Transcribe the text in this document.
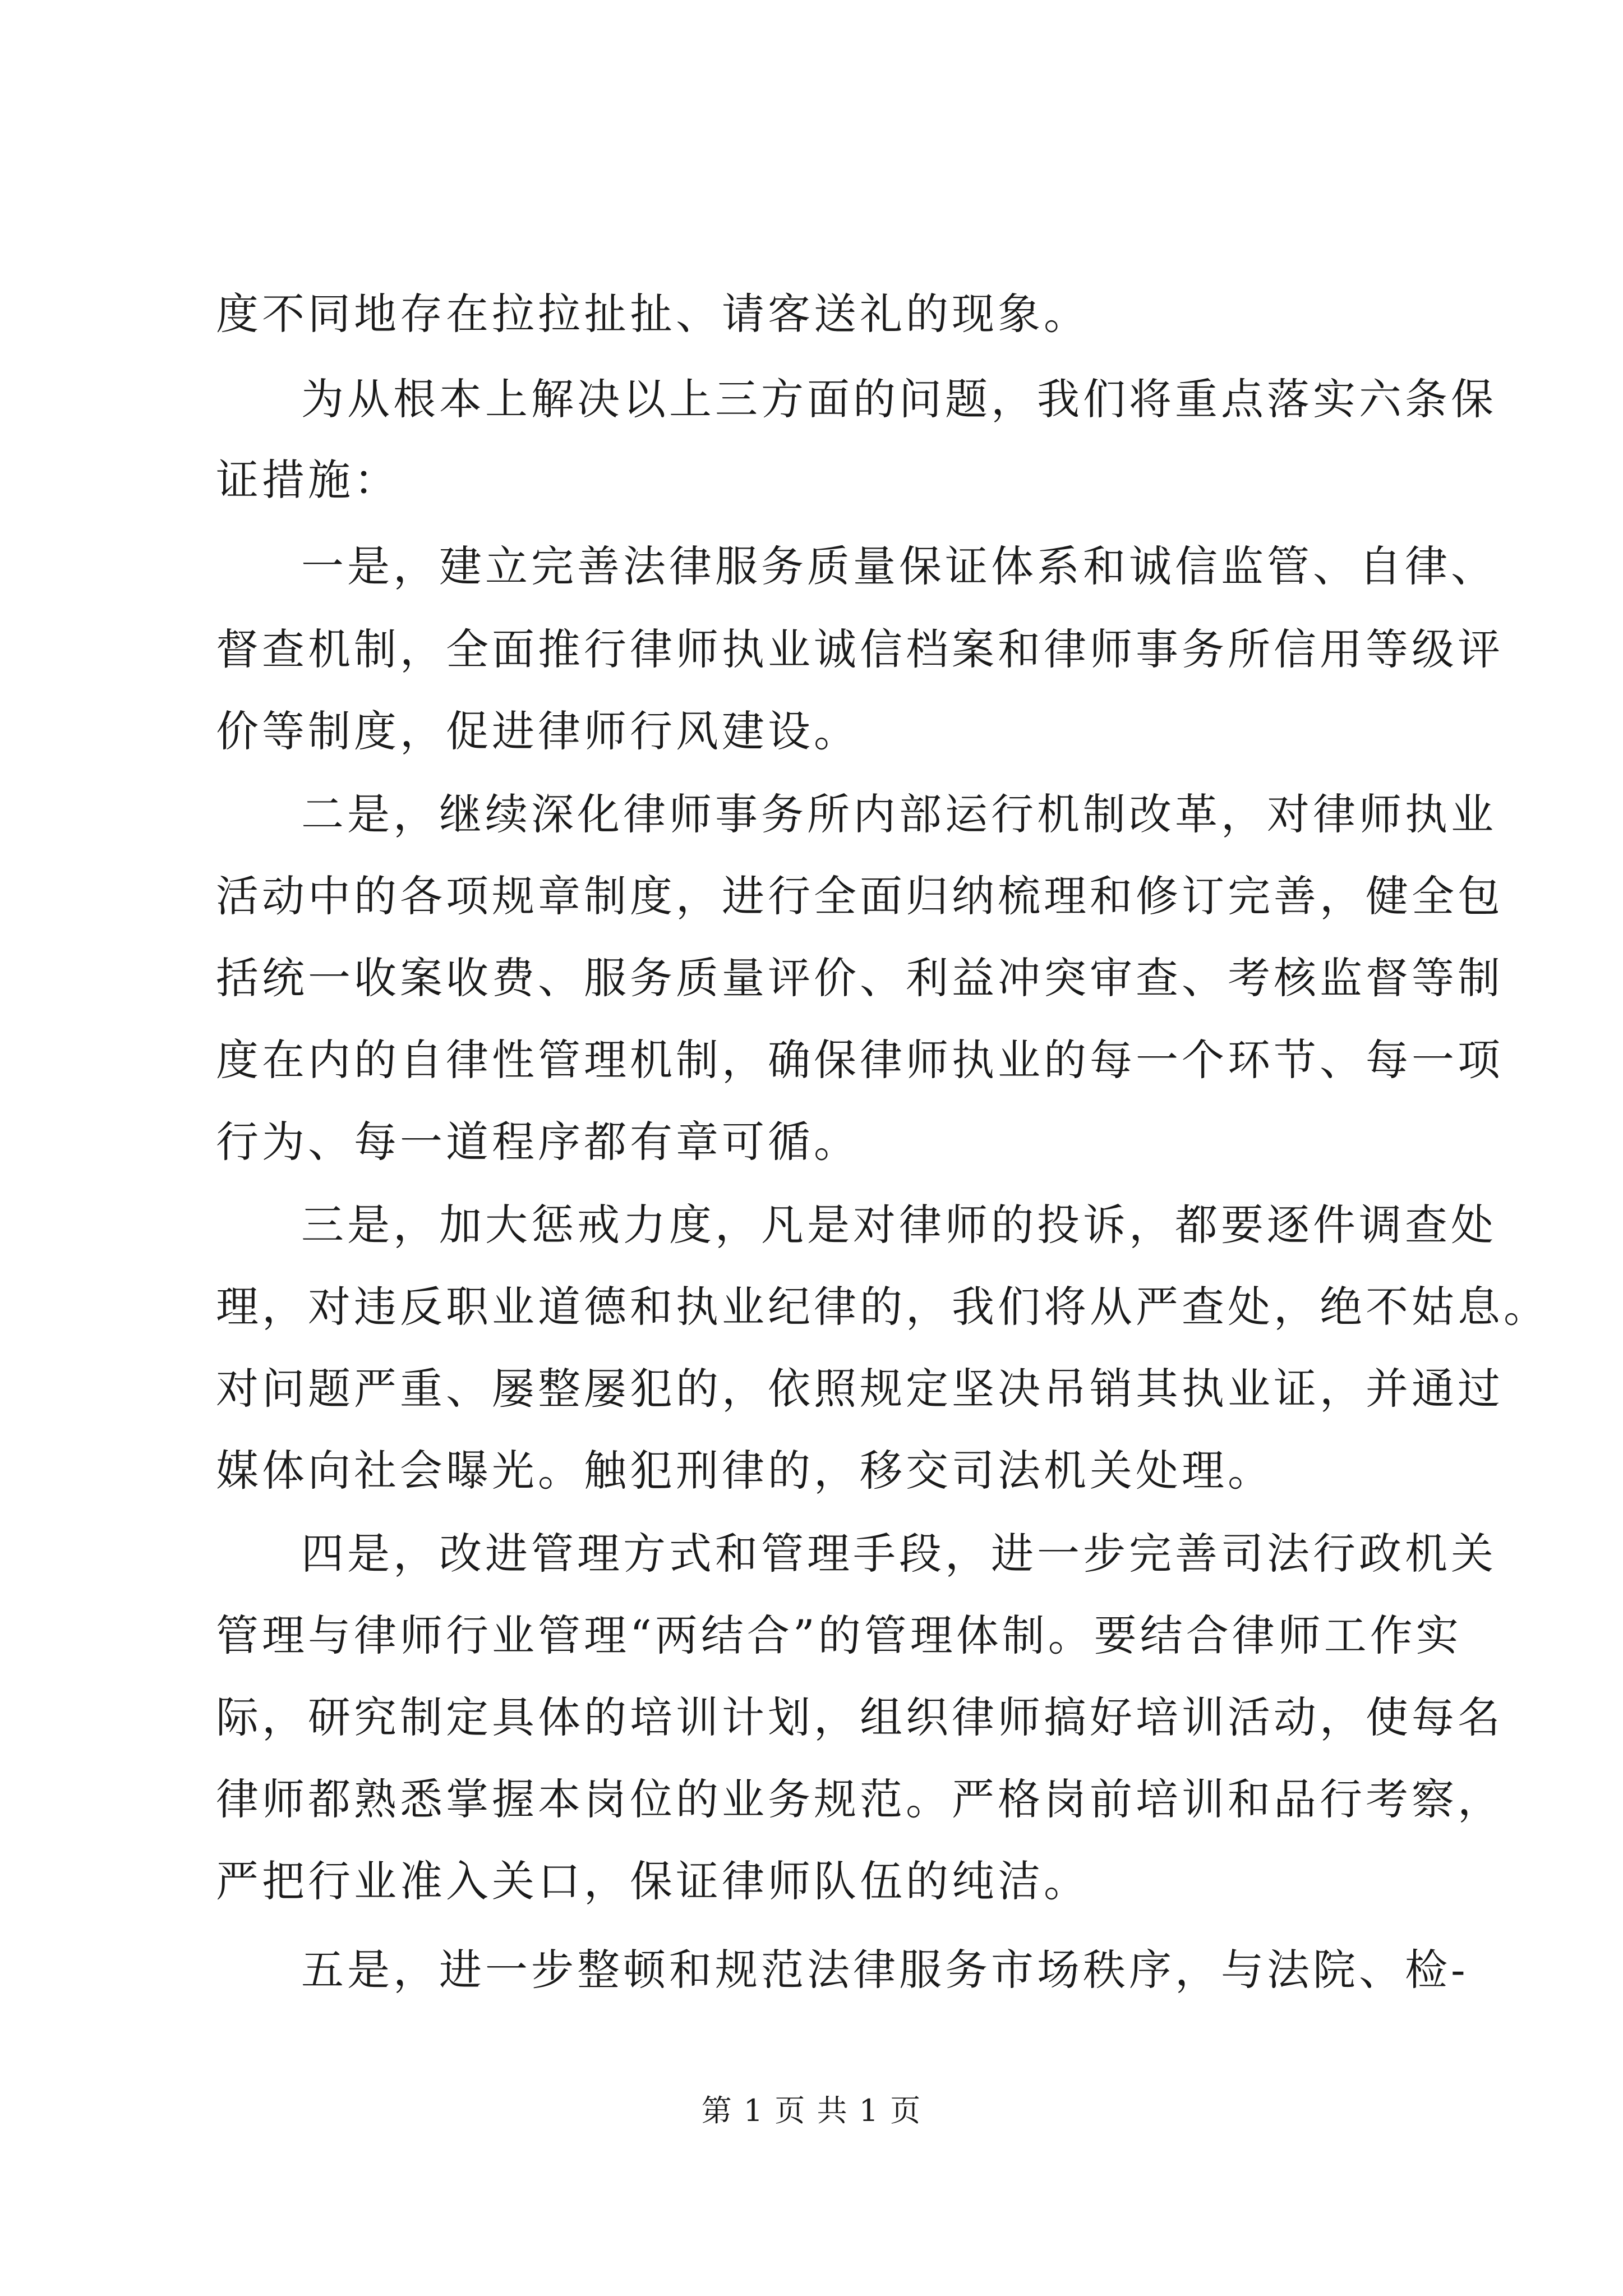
度不同地存在拉拉扯扯、请客送礼的现象。
为从根本上解决以上三方面的问题，我们将重点落实六条保
证措施：
一是，建立完善法律服务质量保证体系和诚信监管、自律、
督查机制，全面推行律师执业诚信档案和律师事务所信用等级评
价等制度，促进律师行风建设。
二是，继续深化律师事务所内部运行机制改革，对律师执业
活动中的各项规章制度，进行全面归纳梳理和修订完善，健全包
括统一收案收费、服务质量评价、利益冲突审查、考核监督等制
度在内的自律性管理机制，确保律师执业的每一个环节、每一项
行为、每一道程序都有章可循。
三是，加大惩戒力度，凡是对律师的投诉，都要逐件调查处
理，对违反职业道德和执业纪律的，我们将从严查处，绝不姑息。
对问题严重、屡整屡犯的，依照规定坚决吊销其执业证，并通过
媒体向社会曝光。触犯刑律的，移交司法机关处理。
四是，改进管理方式和管理手段，进一步完善司法行政机关
管理与律师行业管理“两结合”的管理体制。要结合律师工作实
际，研究制定具体的培训计划，组织律师搞好培训活动，使每名
律师都熟悉掌握本岗位的业务规范。严格岗前培训和品行考察，
严把行业准入关口，保证律师队伍的纯洁。
五是，进一步整顿和规范法律服务市场秩序，与法院、检-
第 1 页 共 1 页
